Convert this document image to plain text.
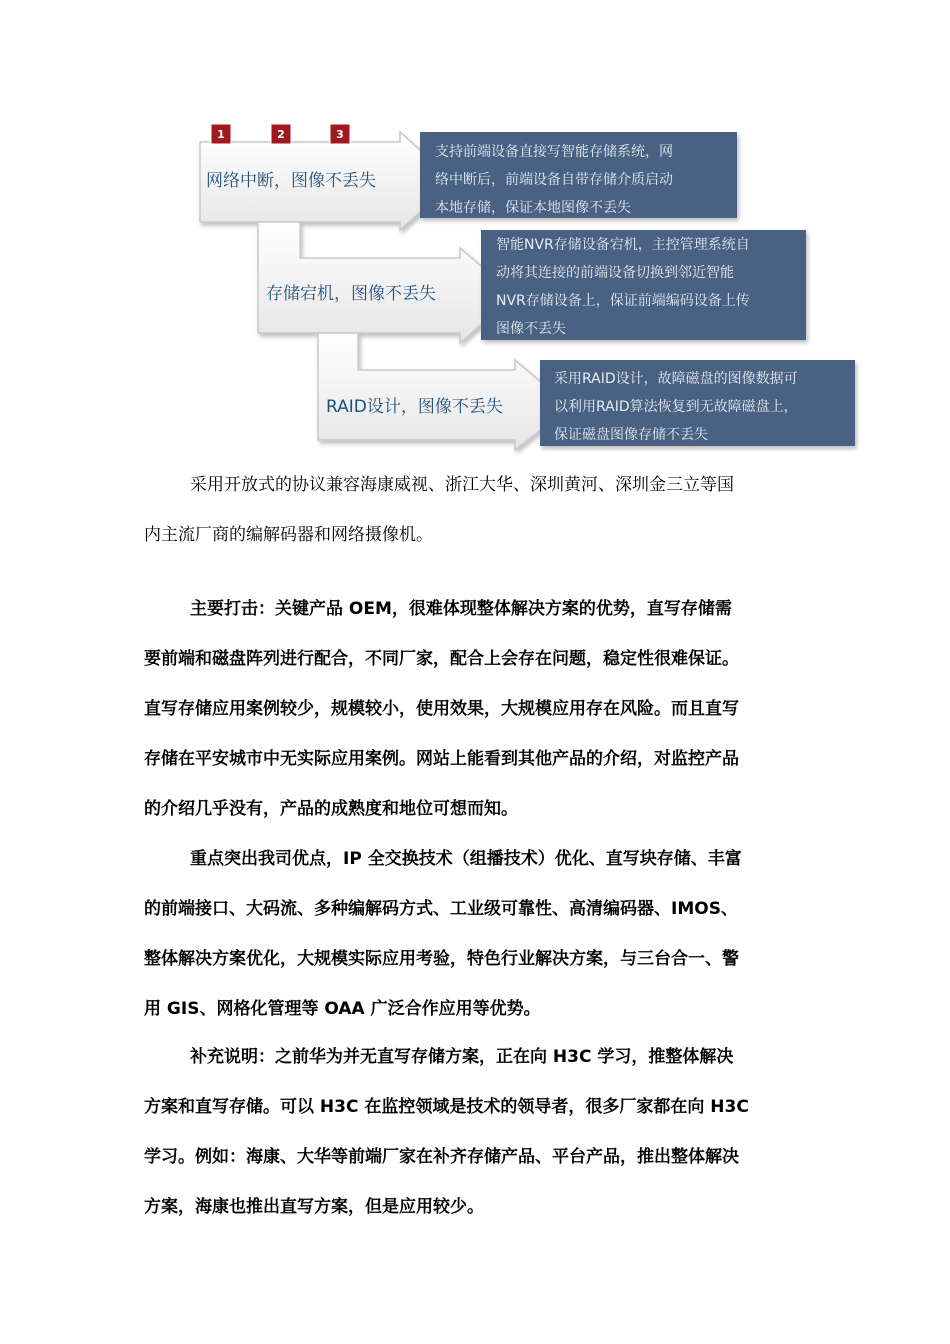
1	2	3
网络中断，图像不丢失
存储宕机，图像不丢失
RAID设计，图像不丢失
支持前端设备直接写智能存储系统，网
络中断后，前端设备自带存储介质启动
本地存储，保证本地图像不丢失
智能NVR存储设备宕机，主控管理系统自
动将其连接的前端设备切换到邻近智能
NVR存储设备上，保证前端编码设备上传
图像不丢失
采用RAID设计，故障磁盘的图像数据可
以利用RAID算法恢复到无故障磁盘上，
保证磁盘图像存储不丢失
采用开放式的协议兼容海康威视、浙江大华、深圳黄河、深圳金三立等国
内主流厂商的编解码器和网络摄像机。
主要打击：关键产品 OEM，很难体现整体解决方案的优势，直写存储需
要前端和磁盘阵列进行配合，不同厂家，配合上会存在问题，稳定性很难保证。
直写存储应用案例较少，规模较小，使用效果，大规模应用存在风险。而且直写
存储在平安城市中无实际应用案例。网站上能看到其他产品的介绍，对监控产品
的介绍几乎没有，产品的成熟度和地位可想而知。
重点突出我司优点，IP 全交换技术（组播技术）优化、直写块存储、丰富
的前端接口、大码流、多种编解码方式、工业级可靠性、高清编码器、IMOS、
整体解决方案优化，大规模实际应用考验，特色行业解决方案，与三台合一、警
用 GIS、网格化管理等 OAA 广泛合作应用等优势。
补充说明：之前华为并无直写存储方案，正在向 H3C 学习，推整体解决
方案和直写存储。可以 H3C 在监控领域是技术的领导者，很多厂家都在向 H3C
学习。例如：海康、大华等前端厂家在补齐存储产品、平台产品，推出整体解决
方案，海康也推出直写方案，但是应用较少。
